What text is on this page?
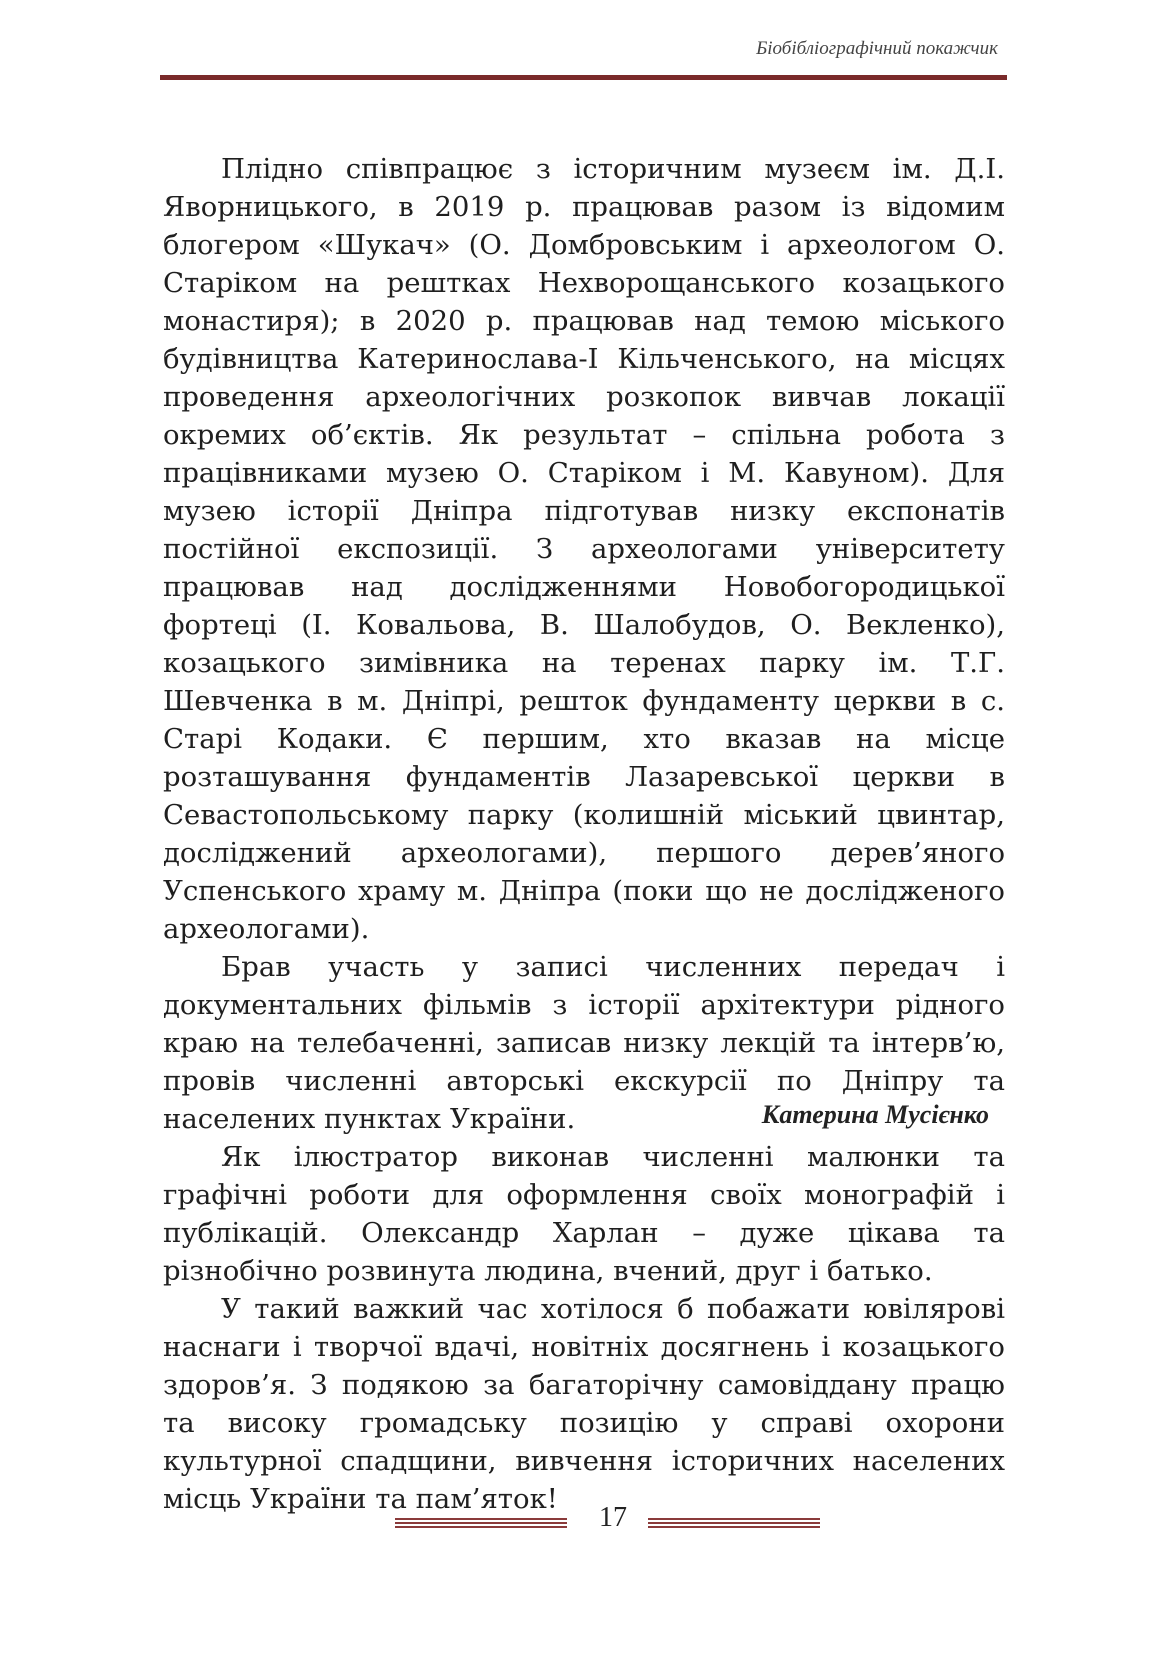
Біобібліографічний покажчик

Плідно співпрацює з історичним музеєм ім. Д.І. Яворницького, в 2019 р. працював разом із відомим блогером «Шукач» (О. Домбровським і археологом О. Старіком на рештках Нехворощанського козацького монастиря); в 2020 р. працював над темою міського будівництва Катеринослава-І Кільченського, на місцях проведення археологічних розкопок вивчав локації окремих об’єктів. Як результат – спільна робота з працівниками музею О. Старіком і М. Кавуном). Для музею історії Дніпра підготував низку експонатів постійної експозиції. З археологами університету працював над дослідженнями Новобогородицької фортеці (І. Ковальова, В. Шалобудов, О. Векленко), козацького зимівника на теренах парку ім. Т.Г. Шевченка в м. Дніпрі, решток фундаменту церкви в с. Старі Кодаки. Є першим, хто вказав на місце розташування фундаментів Лазаревської церкви в Севастопольському парку (колишній міський цвинтар, досліджений археологами), першого дерев’яного Успенського храму м. Дніпра (поки що не дослідженого археологами).

Брав участь у записі численних передач і документальних фільмів з історії архітектури рідного краю на телебаченні, записав низку лекцій та інтерв’ю, провів численні авторські екскурсії по Дніпру та населених пунктах України.

Як ілюстратор виконав численні малюнки та графічні роботи для оформлення своїх монографій і публікацій. Олександр Харлан – дуже цікава та різнобічно розвинута людина, вчений, друг і батько.

У такий важкий час хотілося б побажати ювілярові наснаги і творчої вдачі, новітніх досягнень і козацького здоров’я. З подякою за багаторічну самовіддану працю та високу громадську позицію у справі охорони культурної спадщини, вивчення історичних населених місць України та пам’яток!

Катерина Мусієнко
17
